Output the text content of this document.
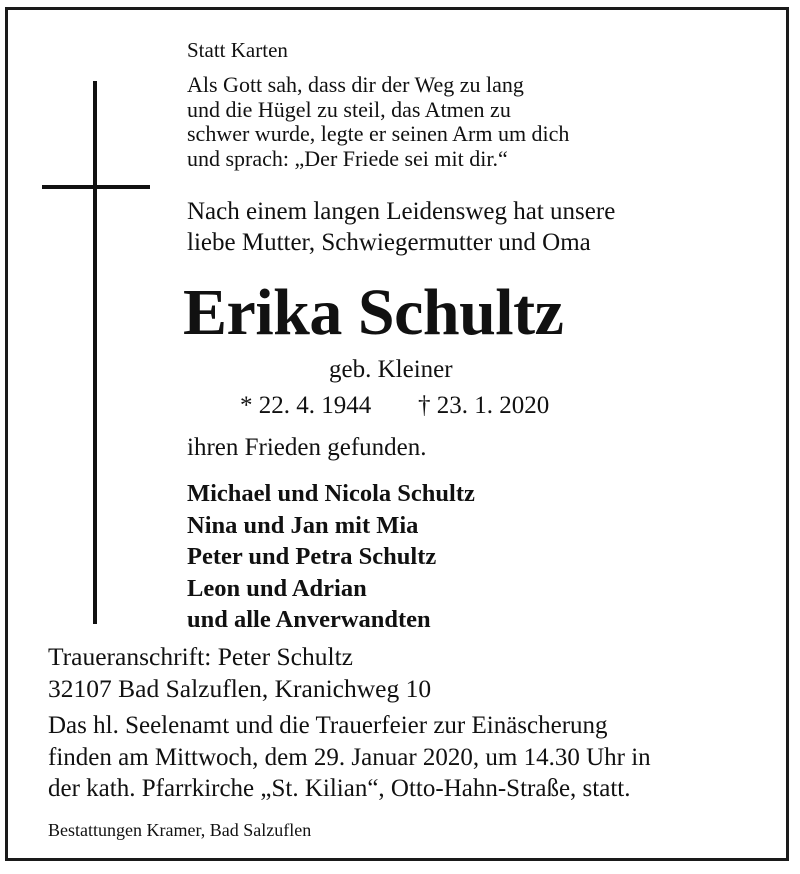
Statt Karten
Als Gott sah, dass dir der Weg zu lang
und die Hügel zu steil, das Atmen zu
schwer wurde, legte er seinen Arm um dich
und sprach: „Der Friede sei mit dir.“
Nach einem langen Leidensweg hat unsere
liebe Mutter, Schwiegermutter und Oma
Erika Schultz
geb. Kleiner
* 22. 4. 1944 † 23. 1. 2020
ihren Frieden gefunden.
Michael und Nicola Schultz
Nina und Jan mit Mia
Peter und Petra Schultz
Leon und Adrian
und alle Anverwandten
Traueranschrift: Peter Schultz
32107 Bad Salzuflen, Kranichweg 10
Das hl. Seelenamt und die Trauerfeier zur Einäscherung
finden am Mittwoch, dem 29. Januar 2020, um 14.30 Uhr in
der kath. Pfarrkirche „St. Kilian“, Otto-Hahn-Straße, statt.
Bestattungen Kramer, Bad Salzuflen
